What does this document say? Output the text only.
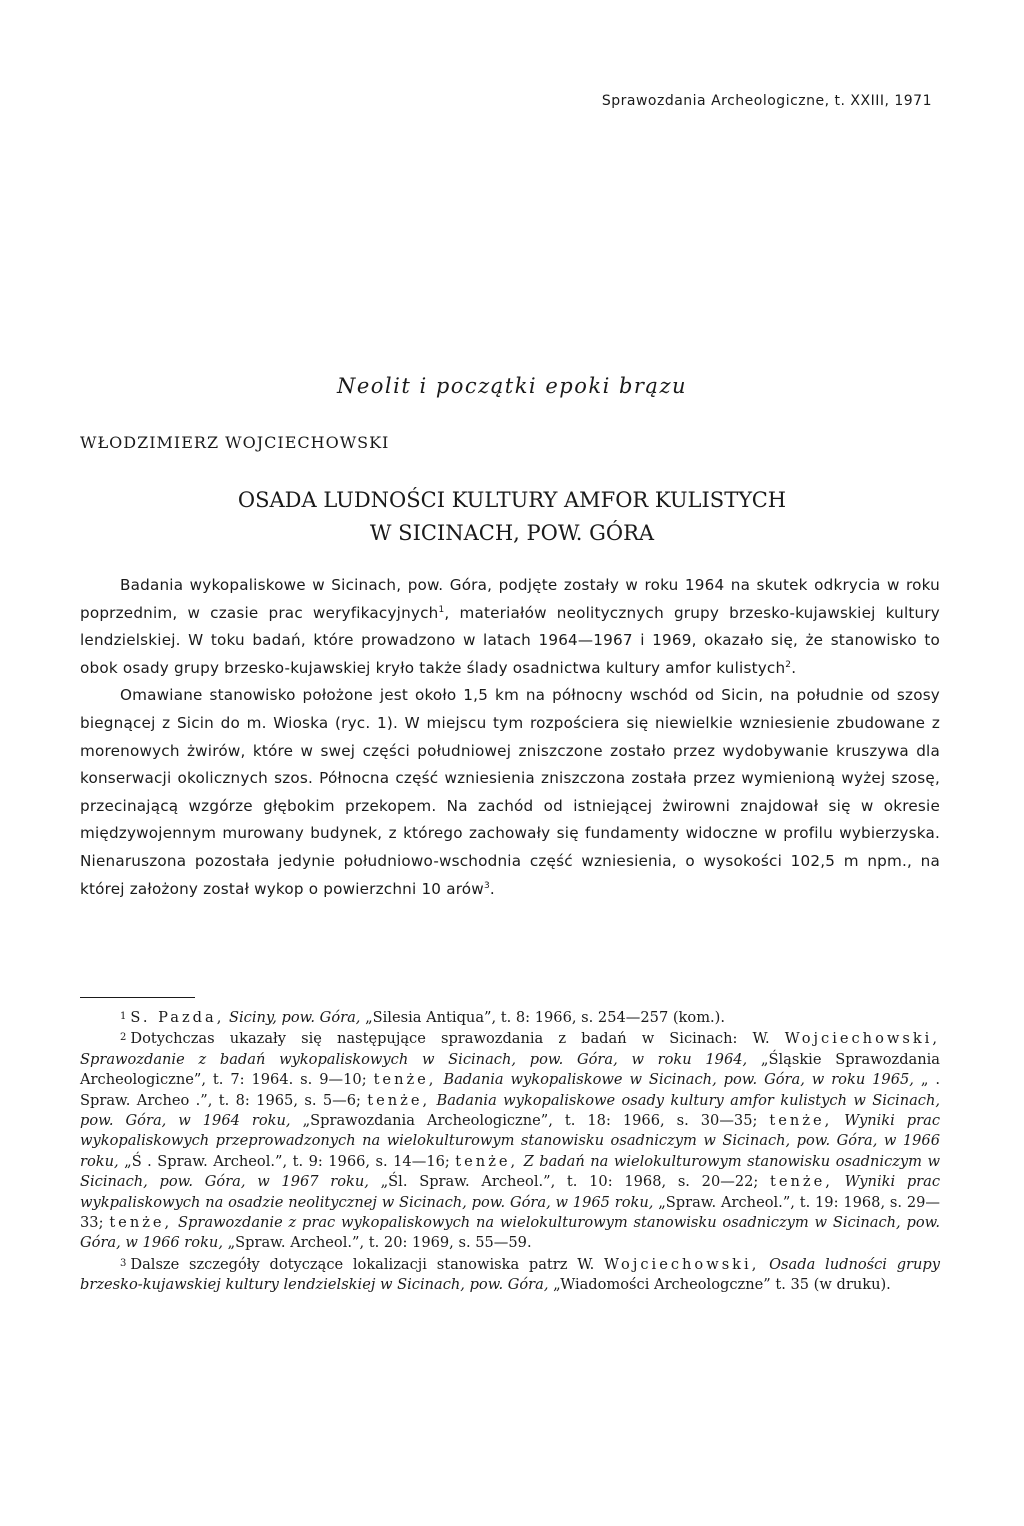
Sprawozdania Archeologiczne, t. XXIII, 1971
Neolit i początki epoki brązu
WŁODZIMIERZ WOJCIECHOWSKI
OSADA LUDNOŚCI KULTURY AMFOR KULISTYCH
W SICINACH, POW. GÓRA

Badania wykopaliskowe w Sicinach, pow. Góra, podjęte zostały w roku 1964 na skutek odkrycia w roku poprzednim, w czasie prac weryfikacyjnych$^1$, materiałów neolitycznych grupy brzesko-kujawskiej kultury lendzielskiej. W toku badań, które prowadzono w latach 1964—1967 i 1969, okazało się, że stanowisko to obok osady grupy brzesko-kujawskiej kryło także ślady osadnictwa kultury amfor kulistych$^2$.

Omawiane stanowisko położone jest około 1,5 km na północny wschód od Sicin, na południe od szosy biegnącej z Sicin do m. Wioska (ryc. 1). W miejscu tym rozpościera się niewielkie wzniesienie zbudowane z morenowych żwirów, które w swej części południowej zniszczone zostało przez wydobywanie kruszywa dla konserwacji okolicznych szos. Północna część wzniesienia zniszczona została przez wymienioną wyżej szosę, przecinającą wzgórze głębokim przekopem. Na zachód od istniejącej żwirowni znajdował się w okresie międzywojennym murowany budynek, z którego zachowały się fundamenty widoczne w profilu wybierzyska. Nienaruszona pozostała jedynie południowo-wschodnia część wzniesienia, o wysokości 102,5 m npm., na której założony został wykop o powierzchni 10 arów$^3$.

$^1$ S. Pazda, Siciny, pow. Góra, „Silesia Antiqua”, t. 8: 1966, s. 254—257 (kom.).

$^2$ Dotychczas ukazały się następujące sprawozdania z badań w Sicinach: W. Wojciechowski, Sprawozdanie z badań wykopaliskowych w Sicinach, pow. Góra, w roku 1964, „Śląskie Sprawozdania Archeologiczne”, t. 7: 1964. s. 9—10; tenże, Badania wykopaliskowe w Sicinach, pow. Góra, w roku 1965, „ . Spraw. Archeo .”, t. 8: 1965, s. 5—6; tenże, Badania wykopaliskowe osady kultury amfor kulistych w Sicinach, pow. Góra, w 1964 roku, „Sprawozdania Archeologiczne”, t. 18: 1966, s. 30—35; tenże, Wyniki prac wykopaliskowych przeprowadzonych na wielokulturowym stanowisku osadniczym w Sicinach, pow. Góra, w 1966 roku, „Ś . Spraw. Archeol.”, t. 9: 1966, s. 14—16; tenże, Z badań na wielokulturowym stanowisku osadniczym w Sicinach, pow. Góra, w 1967 roku, „Śl. Spraw. Archeol.”, t. 10: 1968, s. 20—22; tenże, Wyniki prac wykpaliskowych na osadzie neolitycznej w Sicinach, pow. Góra, w 1965 roku, „Spraw. Archeol.”, t. 19: 1968, s. 29—33; tenże, Sprawozdanie z prac wykopaliskowych na wielokulturowym stanowisku osadniczym w Sicinach, pow. Góra, w 1966 roku, „Spraw. Archeol.”, t. 20: 1969, s. 55—59.

$^3$ Dalsze szczegóły dotyczące lokalizacji stanowiska patrz W. Wojciechowski, Osada ludności grupy brzesko-kujawskiej kultury lendzielskiej w Sicinach, pow. Góra, „Wiadomości Archeologczne” t. 35 (w druku).
